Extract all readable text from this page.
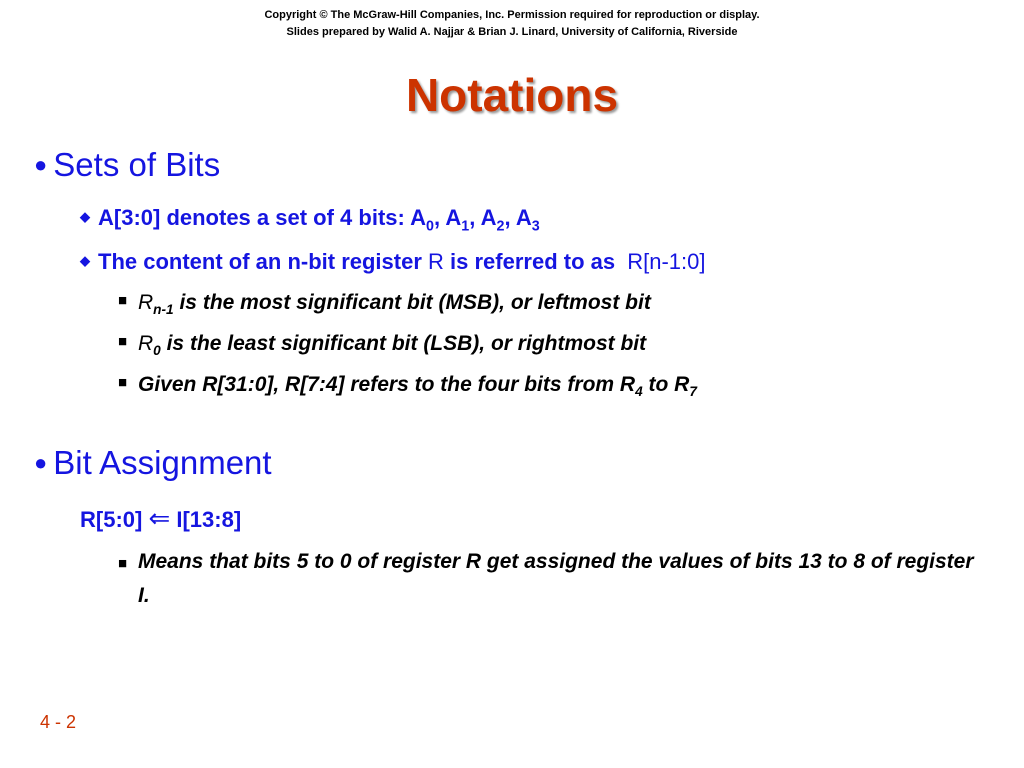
Copyright © The McGraw-Hill Companies, Inc. Permission required for reproduction or display.
Slides prepared by Walid A. Najjar & Brian J. Linard, University of California, Riverside
Notations
● Sets of Bits
◆ A[3:0] denotes a set of 4 bits: $A_0$, $A_1$, $A_2$, $A_3$
◆ The content of an n-bit register R is referred to as R[n-1:0]
■ $R_{n-1}$ is the most significant bit (MSB), or leftmost bit
■ $R_0$ is the least significant bit (LSB), or rightmost bit
■ Given R[31:0], R[7:4] refers to the four bits from $R_4$ to $R_7$
● Bit Assignment
R[5:0] ⇐ I[13:8]
■ Means that bits 5 to 0 of register R get assigned the values of bits 13 to 8 of register I.
4 - 2
